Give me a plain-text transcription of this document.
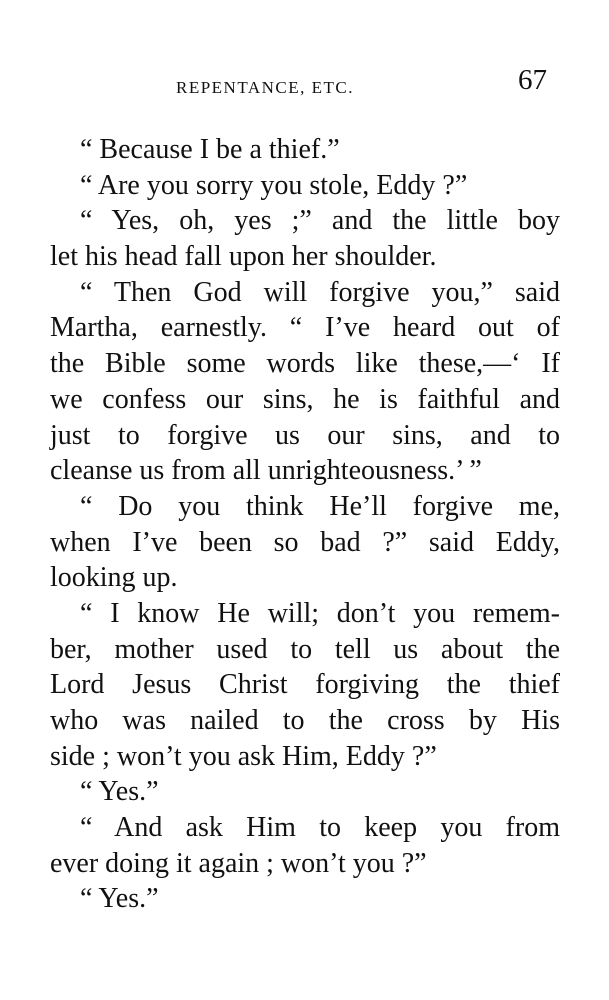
REPENTANCE, ETC.	67
“ Because I be a thief.”
“ Are you sorry you stole, Eddy ?”
“ Yes, oh, yes ;” and the little boy
let his head fall upon her shoulder.
“ Then God will forgive you,” said
Martha, earnestly. “ I’ve heard out of
the Bible some words like these,—‘ If
we confess our sins, he is faithful and
just to forgive us our sins, and to
cleanse us from all unrighteousness.’ ”
“ Do you think He’ll forgive me,
when I’ve been so bad ?” said Eddy,
looking up.
“ I know He will; don’t you remem-
ber, mother used to tell us about the
Lord Jesus Christ forgiving the thief
who was nailed to the cross by His
side ; won’t you ask Him, Eddy ?”
“ Yes.”
“ And ask Him to keep you from
ever doing it again ; won’t you ?”
“ Yes.”
